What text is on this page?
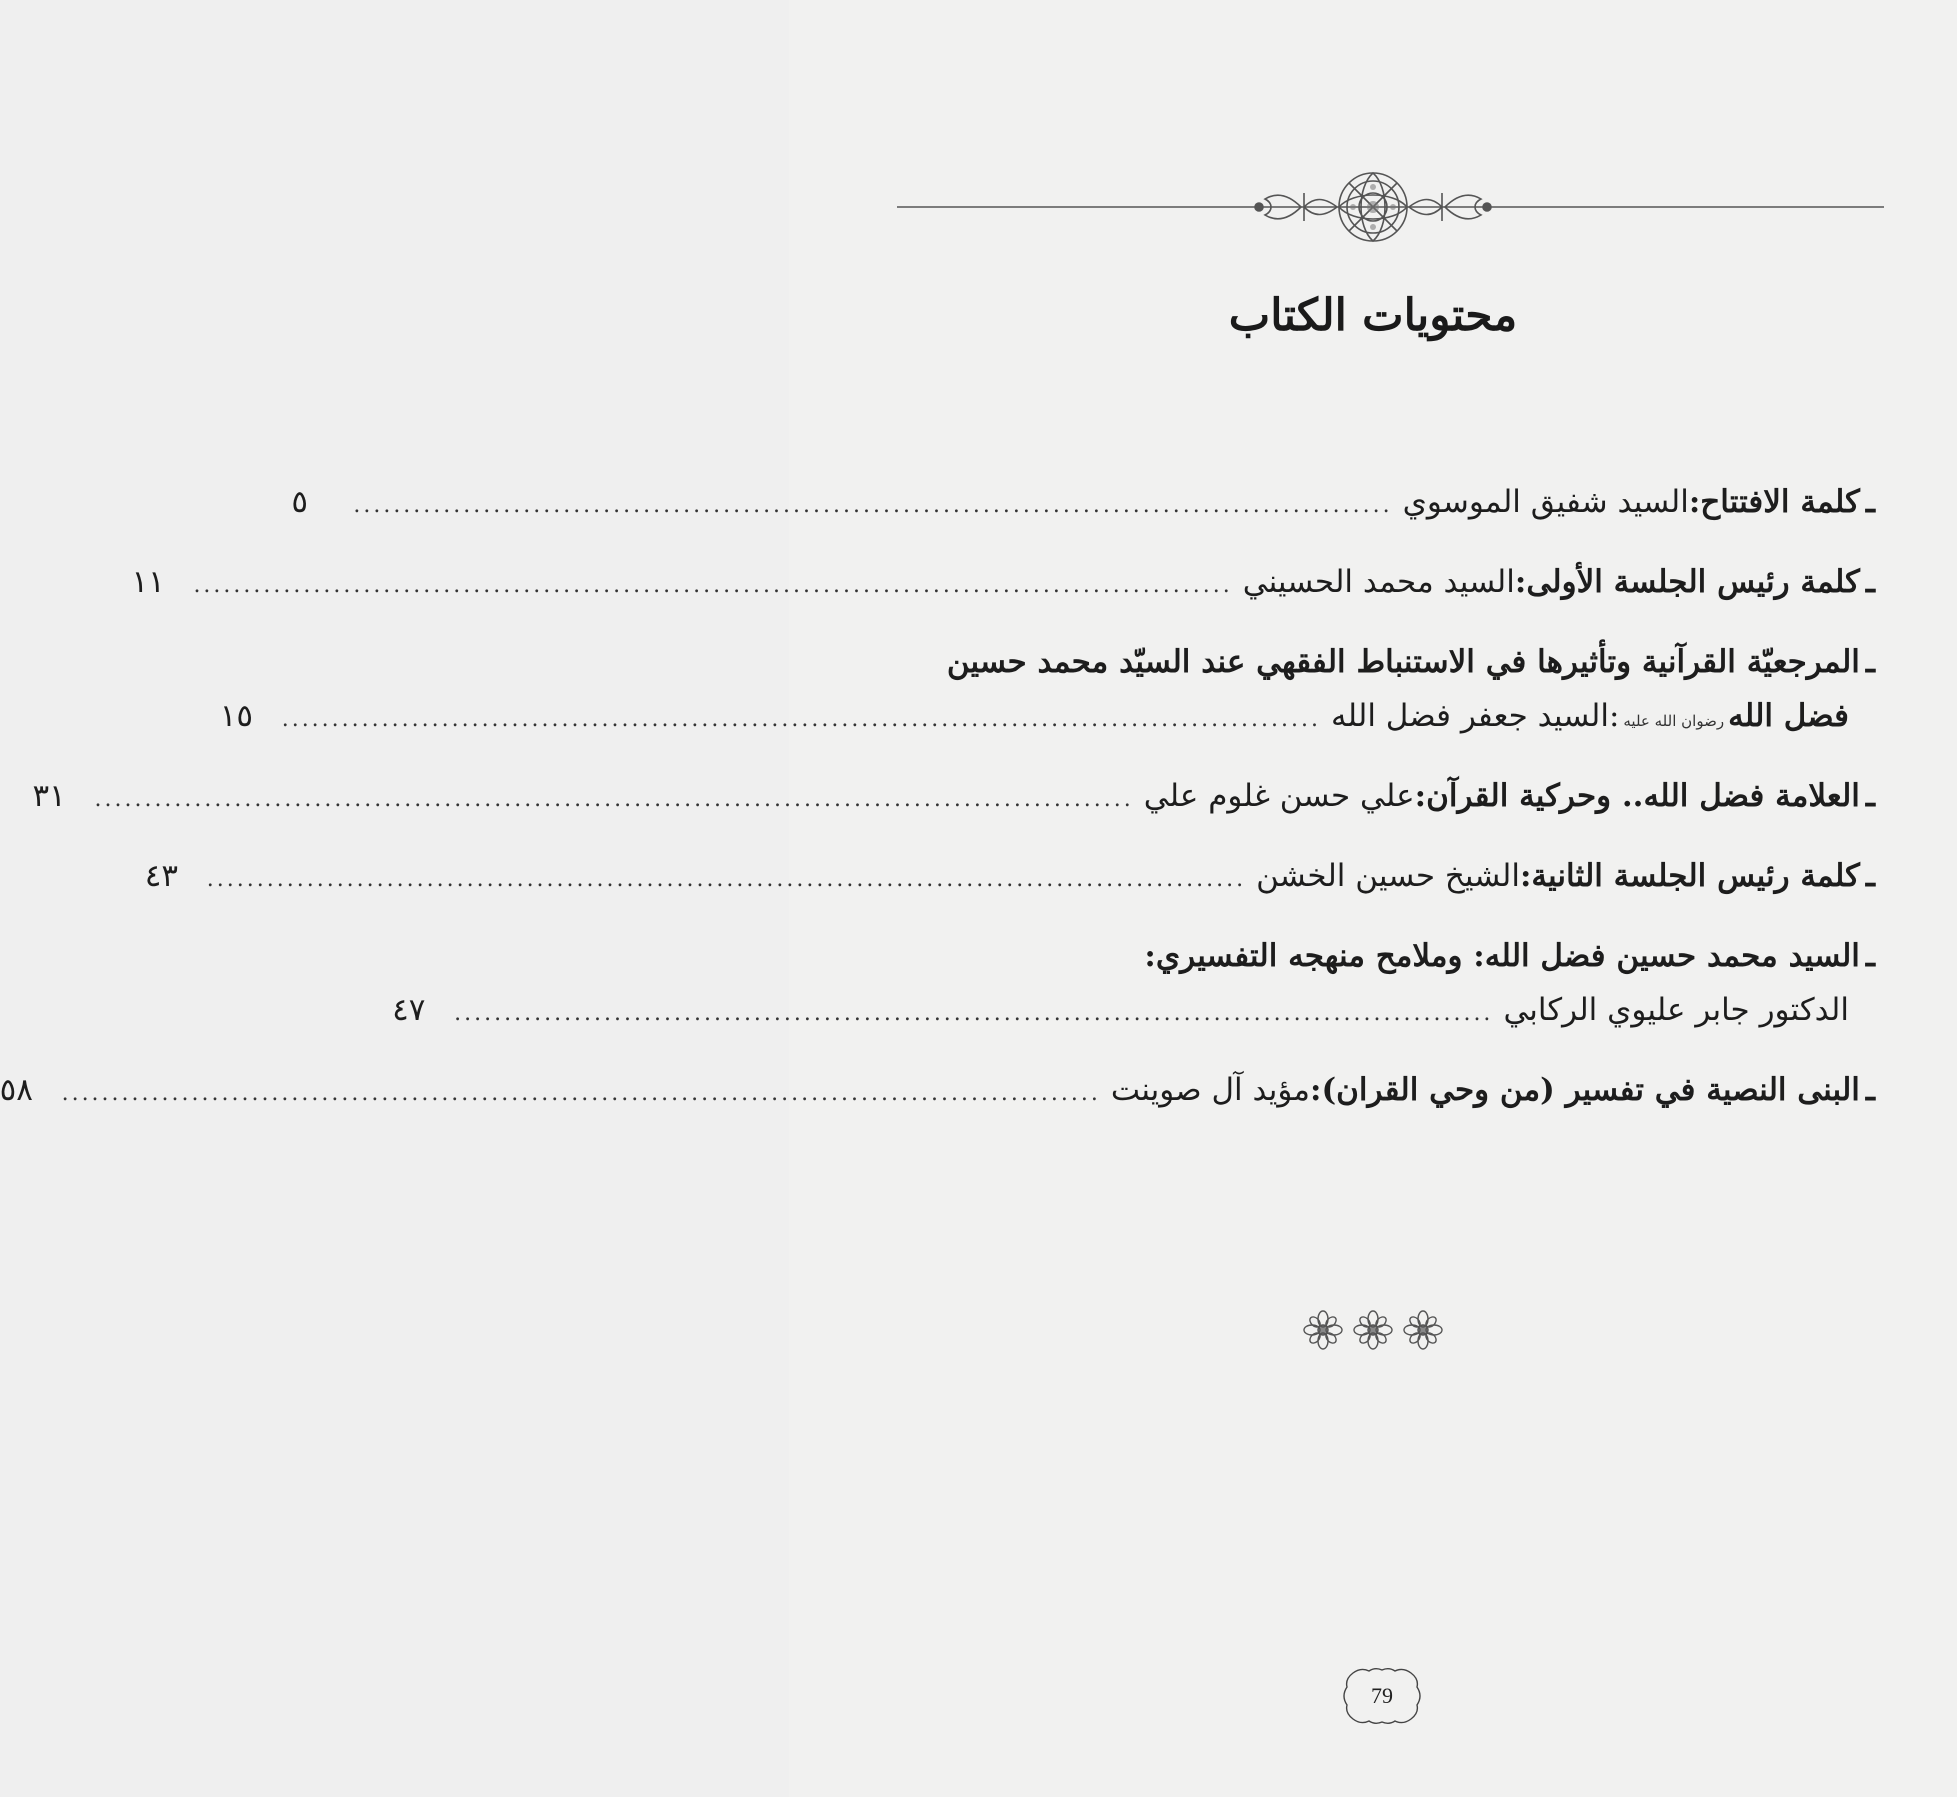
محتويات الكتاب
ـ
كلمة الافتتاح
:
السيد شفيق الموسوي
........................................................................................................
٥
ـ
كلمة رئيس الجلسة الأولى
:
السيد محمد الحسيني
........................................................................................................
١١
ـ
المرجعيّة القرآنية وتأثيرها في الاستنباط الفقهي عند السيّد محمد حسين
فضل الله
رضوان الله عليه
:
السيد جعفر فضل الله
........................................................................................................
١٥
ـ
العلامة فضل الله.. وحركية القرآن
:
علي حسن غلوم علي
........................................................................................................
٣١
ـ
كلمة رئيس الجلسة الثانية
:
الشيخ حسين الخشن
........................................................................................................
٤٣
ـ
السيد محمد حسين فضل الله: وملامح منهجه التفسيري:
الدكتور جابر عليوي الركابي
........................................................................................................
٤٧
ـ
البنى النصية في تفسير (من وحي القران)
:
مؤيد آل صوينت
........................................................................................................
٥٨
79
